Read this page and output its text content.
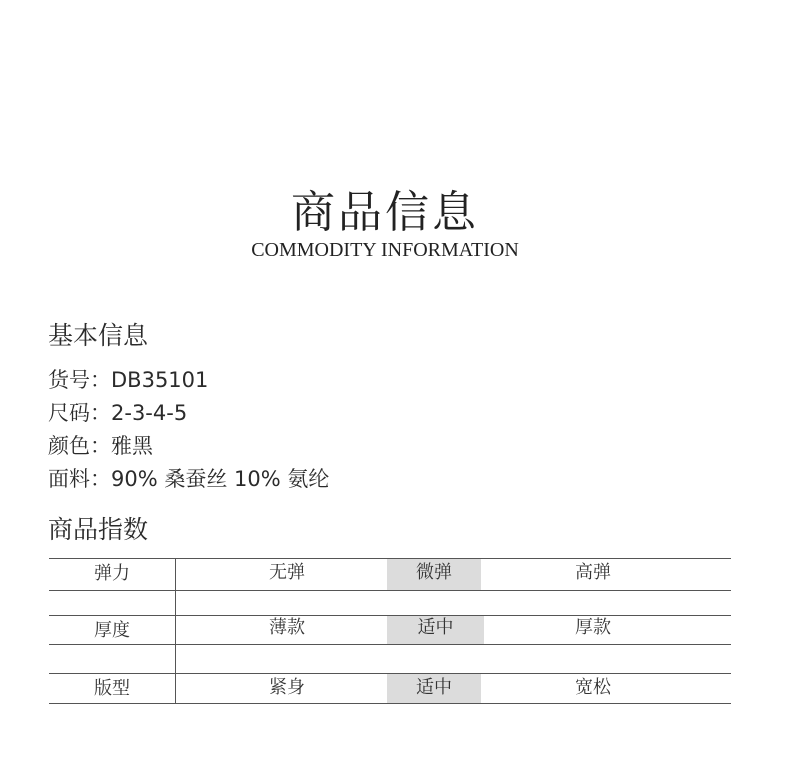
商品信息
COMMODITY INFORMATION
基本信息
货号：DB35101
尺码：2-3-4-5
颜色：雅黑
面料：90% 桑蚕丝 10% 氨纶
商品指数
弹力	无弹	微弹	高弹
厚度	薄款	适中	厚款
版型	紧身	适中	宽松
